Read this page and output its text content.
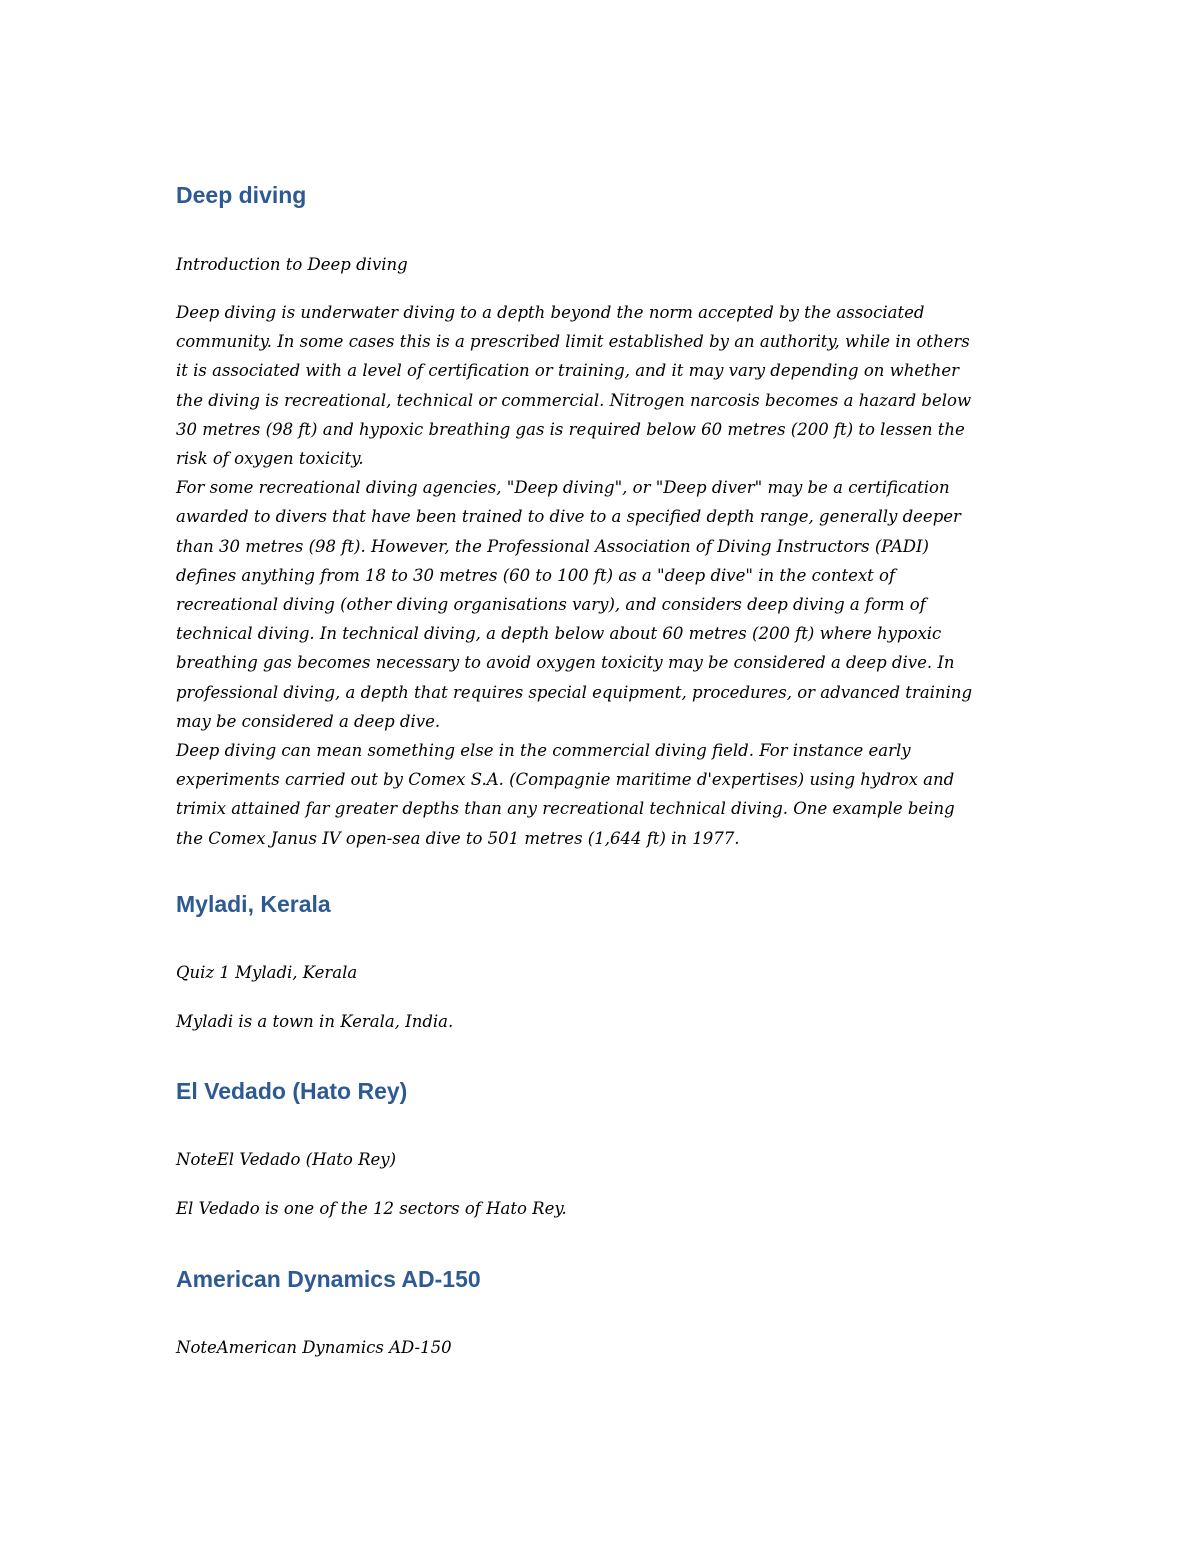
Deep diving

Introduction to Deep diving

Deep diving is underwater diving to a depth beyond the norm accepted by the associated
community. In some cases this is a prescribed limit established by an authority, while in others
it is associated with a level of certification or training, and it may vary depending on whether
the diving is recreational, technical or commercial. Nitrogen narcosis becomes a hazard below
30 metres (98 ft) and hypoxic breathing gas is required below 60 metres (200 ft) to lessen the
risk of oxygen toxicity.
For some recreational diving agencies, "Deep diving", or "Deep diver" may be a certification
awarded to divers that have been trained to dive to a specified depth range, generally deeper
than 30 metres (98 ft). However, the Professional Association of Diving Instructors (PADI)
defines anything from 18 to 30 metres (60 to 100 ft) as a "deep dive" in the context of
recreational diving (other diving organisations vary), and considers deep diving a form of
technical diving. In technical diving, a depth below about 60 metres (200 ft) where hypoxic
breathing gas becomes necessary to avoid oxygen toxicity may be considered a deep dive. In
professional diving, a depth that requires special equipment, procedures, or advanced training
may be considered a deep dive.
Deep diving can mean something else in the commercial diving field. For instance early
experiments carried out by Comex S.A. (Compagnie maritime d'expertises) using hydrox and
trimix attained far greater depths than any recreational technical diving. One example being
the Comex Janus IV open-sea dive to 501 metres (1,644 ft) in 1977.
Myladi, Kerala

Quiz 1 Myladi, Kerala

Myladi is a town in Kerala, India.

El Vedado (Hato Rey)

NoteEl Vedado (Hato Rey)

El Vedado is one of the 12 sectors of Hato Rey.

American Dynamics AD-150

NoteAmerican Dynamics AD-150
